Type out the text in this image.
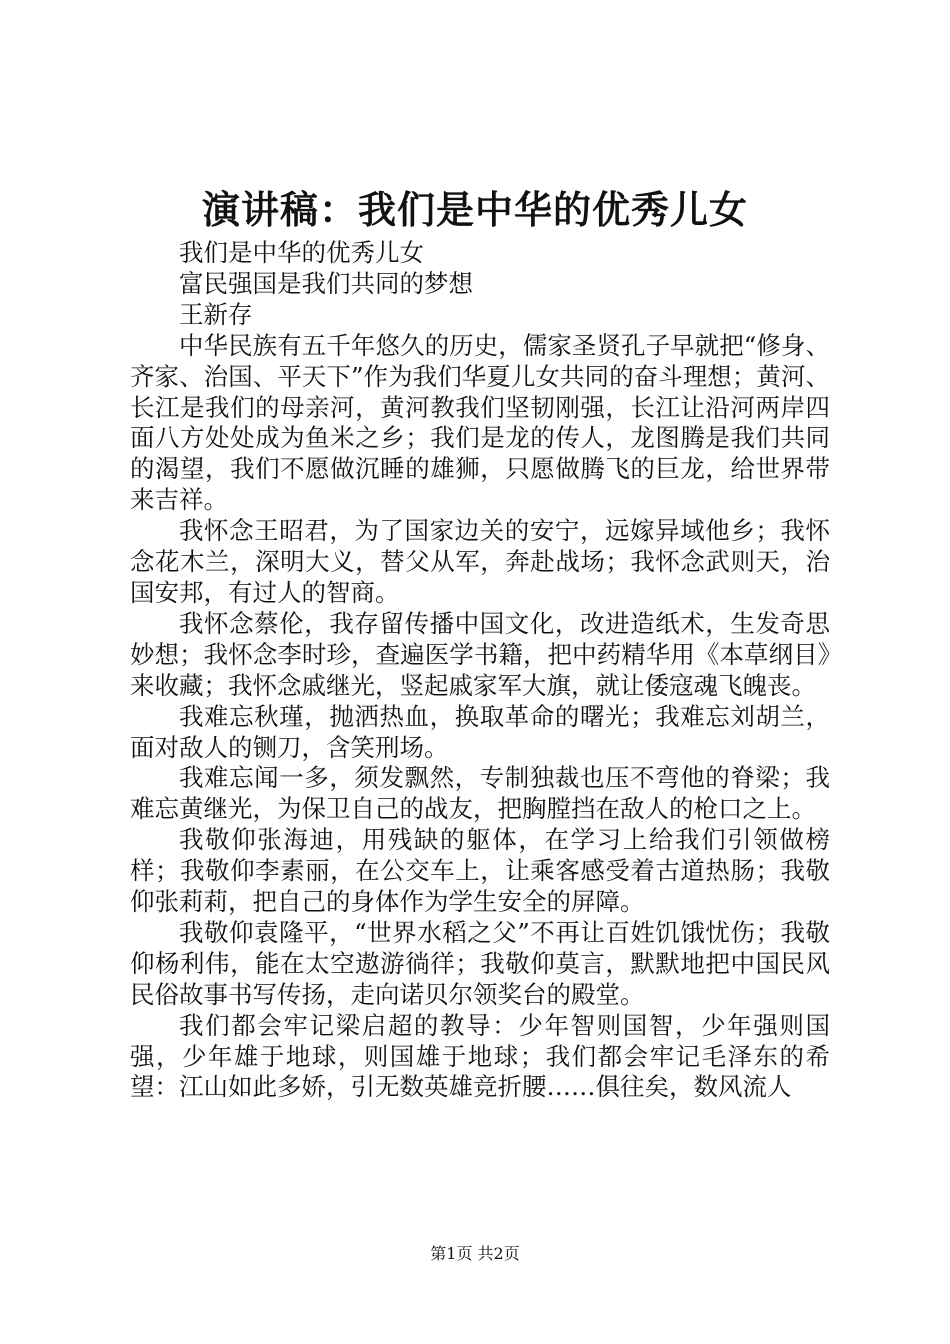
演讲稿：我们是中华的优秀儿女

我们是中华的优秀儿女

富民强国是我们共同的梦想

王新存

中华民族有五千年悠久的历史，儒家圣贤孔子早就把“修身、齐家、治国、平天下”作为我们华夏儿女共同的奋斗理想；黄河、长江是我们的母亲河，黄河教我们坚韧刚强，长江让沿河两岸四面八方处处成为鱼米之乡；我们是龙的传人，龙图腾是我们共同的渴望，我们不愿做沉睡的雄狮，只愿做腾飞的巨龙，给世界带来吉祥。

我怀念王昭君，为了国家边关的安宁，远嫁异域他乡；我怀念花木兰，深明大义，替父从军，奔赴战场；我怀念武则天，治国安邦，有过人的智商。

我怀念蔡伦，我存留传播中国文化，改进造纸术，生发奇思妙想；我怀念李时珍，查遍医学书籍，把中药精华用《本草纲目》来收藏；我怀念戚继光，竖起戚家军大旗，就让倭寇魂飞魄丧。

我难忘秋瑾，抛洒热血，换取革命的曙光；我难忘刘胡兰，面对敌人的铡刀，含笑刑场。

我难忘闻一多，须发飘然，专制独裁也压不弯他的脊梁；我难忘黄继光，为保卫自己的战友，把胸膛挡在敌人的枪口之上。

我敬仰张海迪，用残缺的躯体，在学习上给我们引领做榜样；我敬仰李素丽，在公交车上，让乘客感受着古道热肠；我敬仰张莉莉，把自己的身体作为学生安全的屏障。

我敬仰袁隆平，“世界水稻之父”不再让百姓饥饿忧伤；我敬仰杨利伟，能在太空遨游徜徉；我敬仰莫言，默默地把中国民风民俗故事书写传扬，走向诺贝尔领奖台的殿堂。

我们都会牢记梁启超的教导：少年智则国智，少年强则国强，少年雄于地球，则国雄于地球；我们都会牢记毛泽东的希望：江山如此多娇，引无数英雄竞折腰……俱往矣，数风流人

第1页 共2页
